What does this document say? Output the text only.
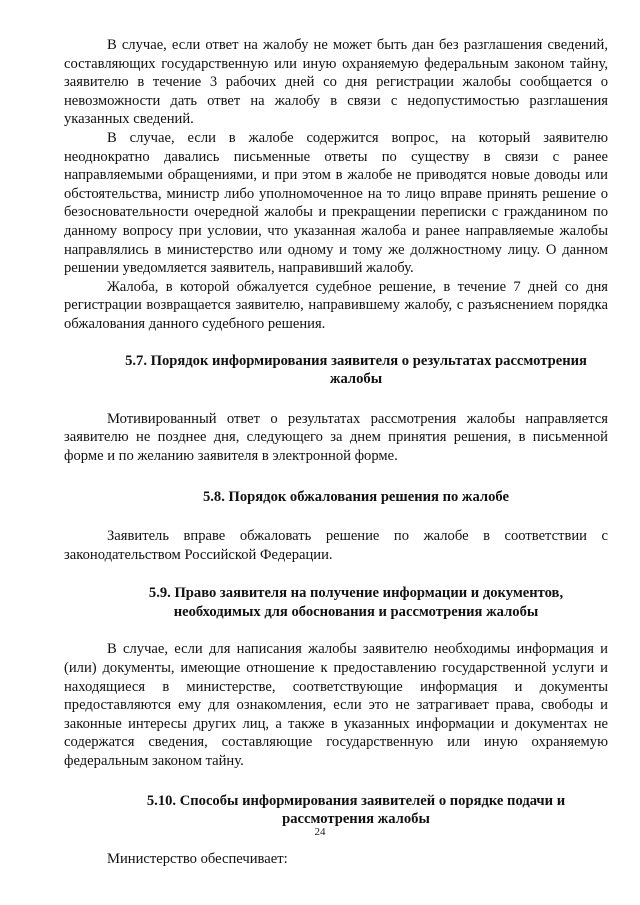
В случае, если ответ на жалобу не может быть дан без разглашения сведений, составляющих государственную или иную охраняемую федеральным законом тайну, заявителю в течение 3 рабочих дней со дня регистрации жалобы сообщается о невозможности дать ответ на жалобу в связи с недопустимостью разглашения указанных сведений.

В случае, если в жалобе содержится вопрос, на который заявителю неоднократно давались письменные ответы по существу в связи с ранее направляемыми обращениями, и при этом в жалобе не приводятся новые доводы или обстоятельства, министр либо уполномоченное на то лицо вправе принять решение о безосновательности очередной жалобы и прекращении переписки с гражданином по данному вопросу при условии, что указанная жалоба и ранее направляемые жалобы направлялись в министерство или одному и тому же должностному лицу. О данном решении уведомляется заявитель, направивший жалобу.

Жалоба, в которой обжалуется судебное решение, в течение 7 дней со дня регистрации возвращается заявителю, направившему жалобу, с разъяснением порядка обжалования данного судебного решения.

5.7. Порядок информирования заявителя о результатах рассмотрения
жалобы

Мотивированный ответ о результатах рассмотрения жалобы направляется заявителю не позднее дня, следующего за днем принятия решения, в письменной форме и по желанию заявителя в электронной форме.

5.8. Порядок обжалования решения по жалобе

Заявитель вправе обжаловать решение по жалобе в соответствии с законодательством Российской Федерации.

5.9. Право заявителя на получение информации и документов,
необходимых для обоснования и рассмотрения жалобы

В случае, если для написания жалобы заявителю необходимы информация и (или) документы, имеющие отношение к предоставлению государственной услуги и находящиеся в министерстве, соответствующие информация и документы предоставляются ему для ознакомления, если это не затрагивает права, свободы и законные интересы других лиц, а также в указанных информации и документах не содержатся сведения, составляющие государственную или иную охраняемую федеральным законом тайну.

5.10. Способы информирования заявителей о порядке подачи и
рассмотрения жалобы

Министерство обеспечивает:

24
